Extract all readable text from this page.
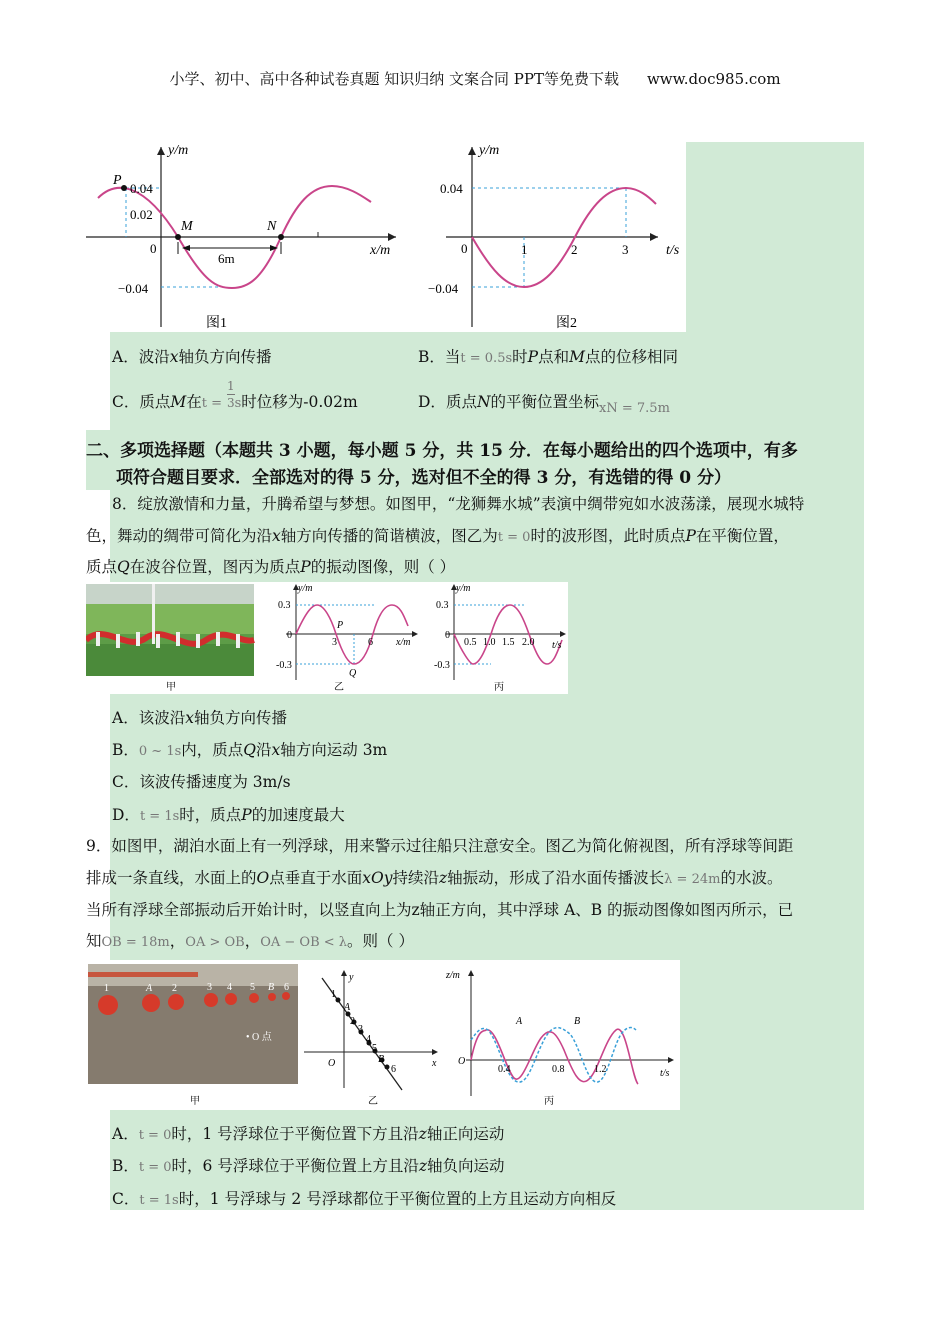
小学、初中、高中各种试卷真题 知识归纳 文案合同 PPT等免费下载 www.doc985.com
y/m
x/m
0.04
0.02
−0.04
0
P
M	N
6m
图1
y/m
t/s
0.04
−0.04
0	1	2	3
图2
A．波沿x轴负方向传播	B．当t = 0.5s时P点和M点的位移相同
C．质点M在$_{t =} \frac{1}{3} _s$时位移为-0.02m	D．质点N的平衡位置坐标$_{xN = 7.5m}$
二、多项选择题（本题共 3 小题，每小题 5 分，共 15 分．在每小题给出的四个选项中，有多
项符合题目要求．全部选对的得 5 分，选对但不全的得 3 分，有选错的得 0 分）
8．绽放激情和力量，升腾希望与梦想。如图甲，“龙狮舞水城”表演中绸带宛如水波荡漾，展现水城特
色，舞动的绸带可简化为沿x轴方向传播的简谐横波，图乙为t = 0时的波形图，此时质点P在平衡位置，
质点Q在波谷位置，图丙为质点P的振动图像，则（ ）
甲
y/m
x/m
0.3
-0.3
0
3	6
P
Q
乙
y/m
t/s
0.3
-0.3
0
0.5 1.0 1.5 2.0
丙
A．该波沿x轴负方向传播
B．0 ~ 1s内，质点Q沿x轴方向运动 3m
C．该波传播速度为 3m/s
D．t = 1s时，质点P的加速度最大
9．如图甲，湖泊水面上有一列浮球，用来警示过往船只注意安全。图乙为简化俯视图，所有浮球等间距
排成一条直线，水面上的O点垂直于水面xOy持续沿z轴振动，形成了沿水面传播波长λ = 24m的水波。
当所有浮球全部振动后开始计时，以竖直向上为z轴正方向，其中浮球 A、B 的振动图像如图丙所示，已
知OB = 18m，OA > OB，OA − OB < λ。则（ ）
1	A 2	3 4 5 B 6
• O 点
甲
y
x
O
1
A
2
3
4
5
B
6
乙
z/m
O
t/s
A	B
0.4	0.8	1.2
丙
A．t = 0时，1 号浮球位于平衡位置下方且沿z轴正向运动
B．t = 0时，6 号浮球位于平衡位置上方且沿z轴负向运动
C．t = 1s时，1 号浮球与 2 号浮球都位于平衡位置的上方且运动方向相反
